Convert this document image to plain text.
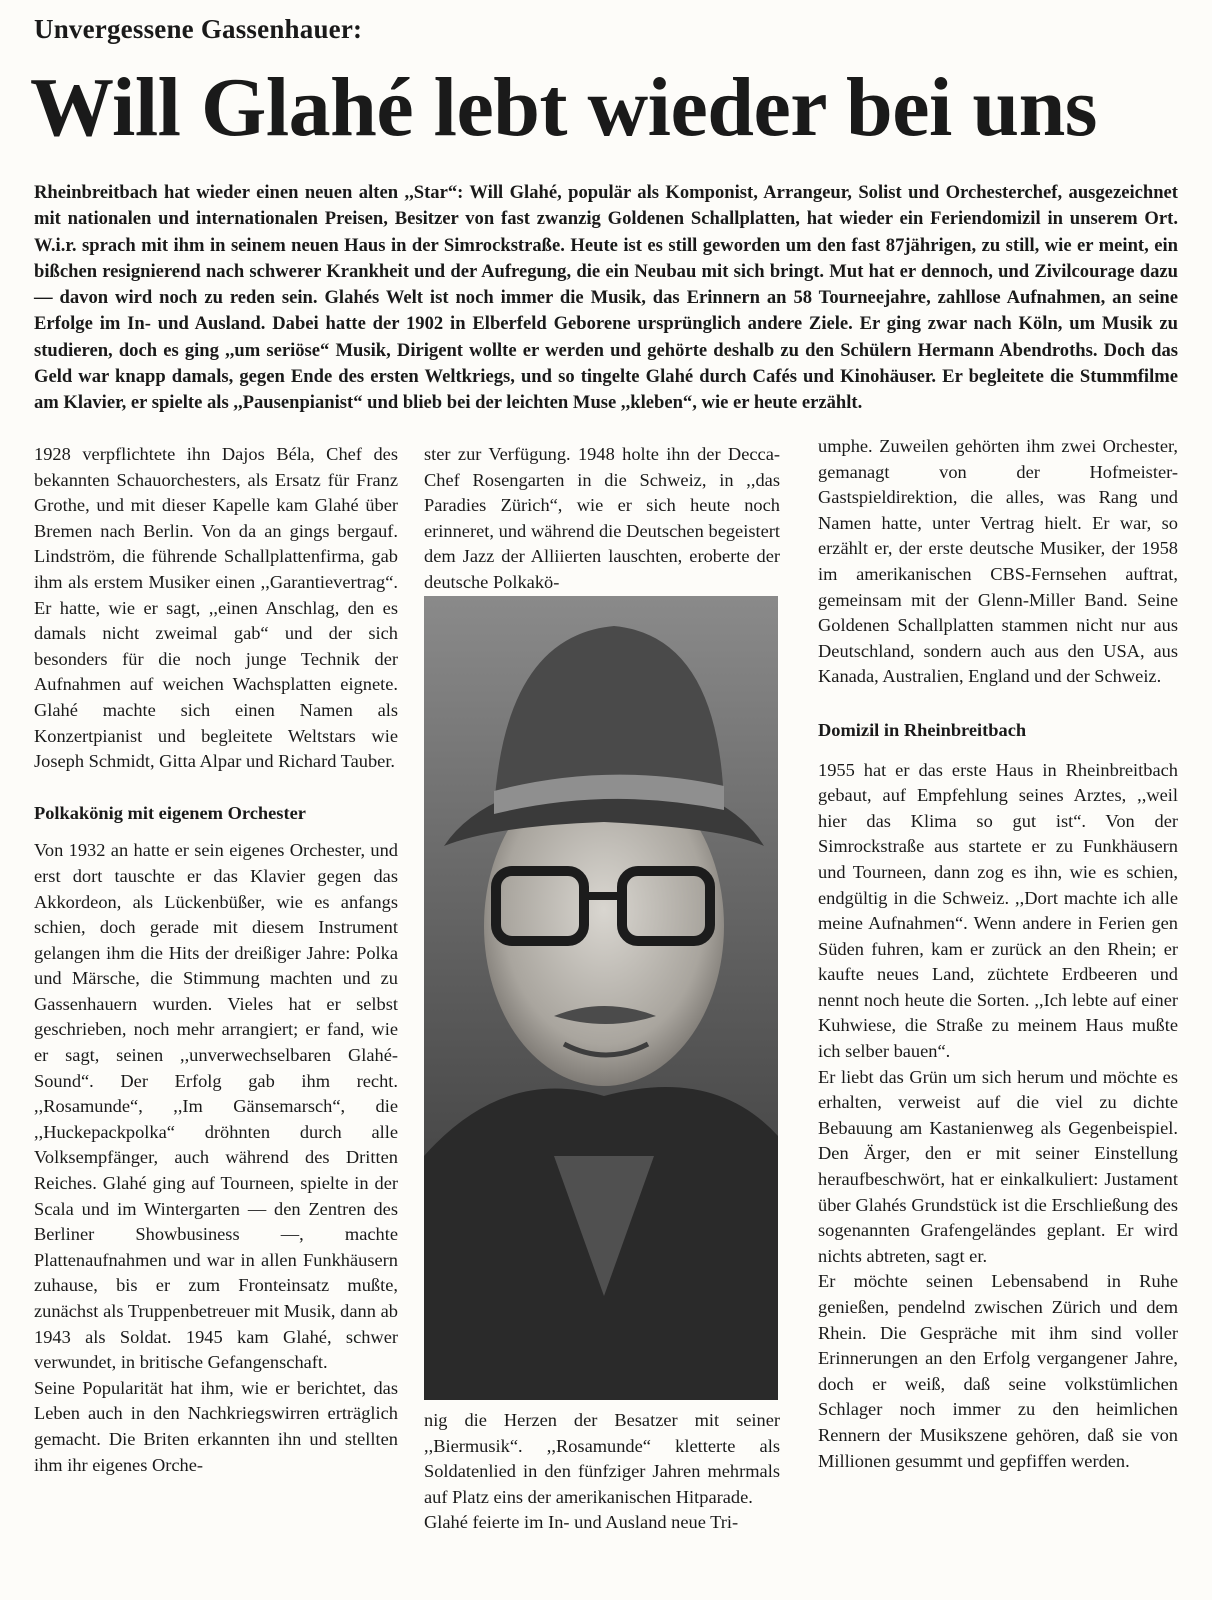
Unvergessene Gassenhauer:
Will Glahé lebt wieder bei uns

Rheinbreitbach hat wieder einen neuen alten ,,Star“: Will Glahé, populär als Komponist, Arrangeur, Solist und Orchesterchef, ausgezeichnet mit nationalen und internationalen Preisen, Besitzer von fast zwanzig Goldenen Schallplatten, hat wieder ein Feriendomizil in unserem Ort. W.i.r. sprach mit ihm in seinem neuen Haus in der Simrockstraße. Heute ist es still geworden um den fast 87jährigen, zu still, wie er meint, ein bißchen resignierend nach schwerer Krankheit und der Aufregung, die ein Neubau mit sich bringt. Mut hat er dennoch, und Zivilcourage dazu — davon wird noch zu reden sein. Glahés Welt ist noch immer die Musik, das Erinnern an 58 Tourneejahre, zahllose Aufnahmen, an seine Erfolge im In- und Ausland. Dabei hatte der 1902 in Elberfeld Geborene ursprünglich andere Ziele. Er ging zwar nach Köln, um Musik zu studieren, doch es ging ,,um seriöse“ Musik, Dirigent wollte er werden und gehörte deshalb zu den Schülern Hermann Abendroths. Doch das Geld war knapp damals, gegen Ende des ersten Weltkriegs, und so tingelte Glahé durch Cafés und Kinohäuser. Er begleitete die Stummfilme am Klavier, er spielte als ,,Pausenpianist“ und blieb bei der leichten Muse ,,kleben“, wie er heute erzählt.

1928 verpflichtete ihn Dajos Béla, Chef des bekannten Schauorchesters, als Ersatz für Franz Grothe, und mit dieser Kapelle kam Glahé über Bremen nach Berlin. Von da an gings bergauf. Lindström, die führende Schallplattenfirma, gab ihm als erstem Musiker einen ,,Garantievertrag“. Er hatte, wie er sagt, ,,einen Anschlag, den es damals nicht zweimal gab“ und der sich besonders für die noch junge Technik der Aufnahmen auf weichen Wachsplatten eignete. Glahé machte sich einen Namen als Konzertpianist und begleitete Weltstars wie Joseph Schmidt, Gitta Alpar und Richard Tauber.

Polkakönig mit eigenem Orchester

Von 1932 an hatte er sein eigenes Orchester, und erst dort tauschte er das Klavier gegen das Akkordeon, als Lückenbüßer, wie es anfangs schien, doch gerade mit diesem Instrument gelangen ihm die Hits der dreißiger Jahre: Polka und Märsche, die Stimmung machten und zu Gassenhauern wurden. Vieles hat er selbst geschrieben, noch mehr arrangiert; er fand, wie er sagt, seinen ,,unverwechselbaren Glahé-Sound“. Der Erfolg gab ihm recht. ,,Rosamunde“, ,,Im Gänsemarsch“, die ,,Huckepackpolka“ dröhnten durch alle Volksempfänger, auch während des Dritten Reiches. Glahé ging auf Tourneen, spielte in der Scala und im Wintergarten — den Zentren des Berliner Showbusiness —, machte Plattenaufnahmen und war in allen Funkhäusern zuhause, bis er zum Fronteinsatz mußte, zunächst als Truppenbetreuer mit Musik, dann ab 1943 als Soldat. 1945 kam Glahé, schwer verwundet, in britische Gefangenschaft.

Seine Popularität hat ihm, wie er berichtet, das Leben auch in den Nachkriegswirren erträglich gemacht. Die Briten erkannten ihn und stellten ihm ihr eigenes Orche-

ster zur Verfügung. 1948 holte ihn der Decca-Chef Rosengarten in die Schweiz, in ,,das Paradies Zürich“, wie er sich heute noch erinneret, und während die Deutschen begeistert dem Jazz der Alliierten lauschten, eroberte der deutsche Polkakö-

nig die Herzen der Besatzer mit seiner ,,Biermusik“. ,,Rosamunde“ kletterte als Soldatenlied in den fünfziger Jahren mehrmals auf Platz eins der amerikanischen Hitparade.

Glahé feierte im In- und Ausland neue Tri-

umphe. Zuweilen gehörten ihm zwei Orchester, gemanagt von der Hofmeister-Gastspieldirektion, die alles, was Rang und Namen hatte, unter Vertrag hielt. Er war, so erzählt er, der erste deutsche Musiker, der 1958 im amerikanischen CBS-Fernsehen auftrat, gemeinsam mit der Glenn-Miller Band. Seine Goldenen Schallplatten stammen nicht nur aus Deutschland, sondern auch aus den USA, aus Kanada, Australien, England und der Schweiz.

Domizil in Rheinbreitbach

1955 hat er das erste Haus in Rheinbreitbach gebaut, auf Empfehlung seines Arztes, ,,weil hier das Klima so gut ist“. Von der Simrockstraße aus startete er zu Funkhäusern und Tourneen, dann zog es ihn, wie es schien, endgültig in die Schweiz. ,,Dort machte ich alle meine Aufnahmen“. Wenn andere in Ferien gen Süden fuhren, kam er zurück an den Rhein; er kaufte neues Land, züchtete Erdbeeren und nennt noch heute die Sorten. ,,Ich lebte auf einer Kuhwiese, die Straße zu meinem Haus mußte ich selber bauen“.

Er liebt das Grün um sich herum und möchte es erhalten, verweist auf die viel zu dichte Bebauung am Kastanienweg als Gegenbeispiel. Den Ärger, den er mit seiner Einstellung heraufbeschwört, hat er einkalkuliert: Justament über Glahés Grundstück ist die Erschließung des sogenannten Grafengeländes geplant. Er wird nichts abtreten, sagt er.

Er möchte seinen Lebensabend in Ruhe genießen, pendelnd zwischen Zürich und dem Rhein. Die Gespräche mit ihm sind voller Erinnerungen an den Erfolg vergangener Jahre, doch er weiß, daß seine volkstümlichen Schlager noch immer zu den heimlichen Rennern der Musikszene gehören, daß sie von Millionen gesummt und gepfiffen werden.
